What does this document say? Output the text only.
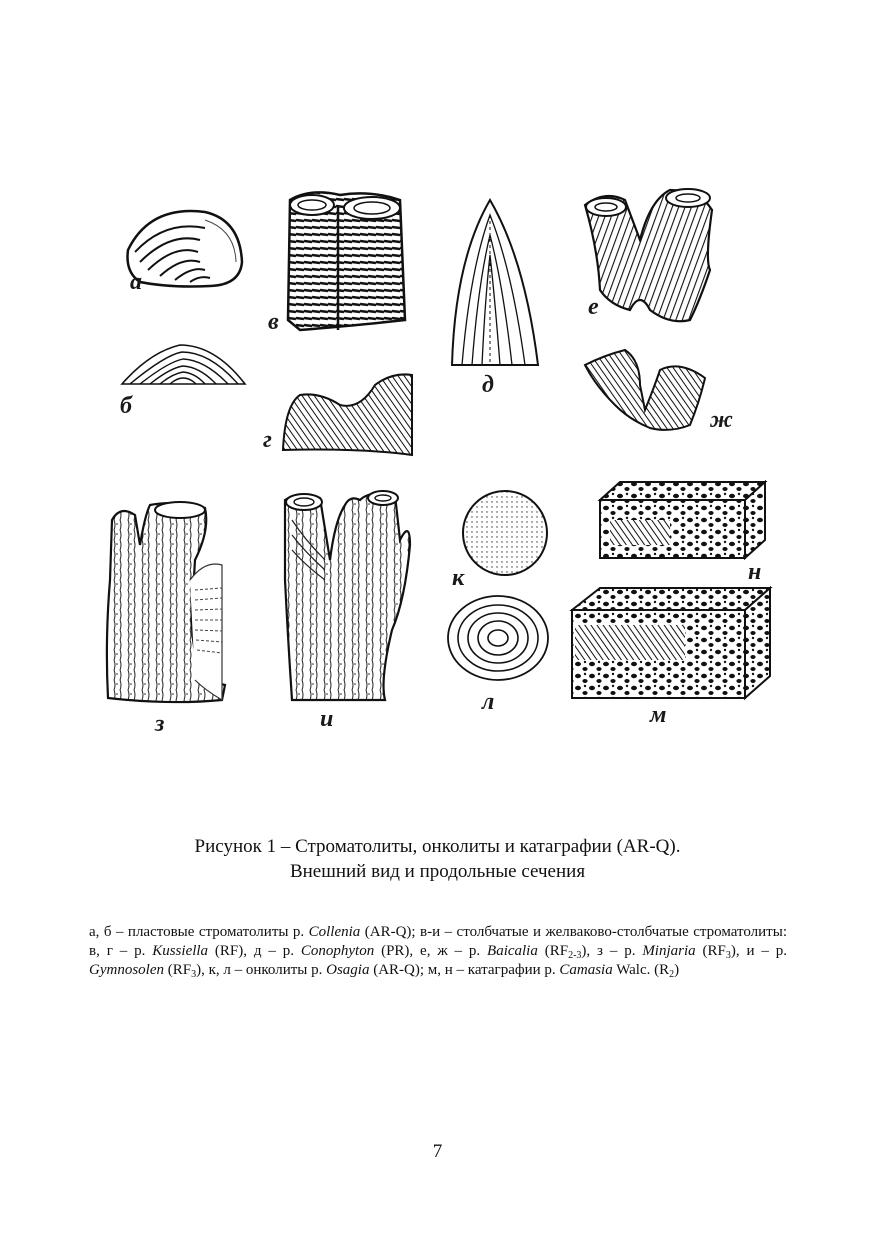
а
б
в
г
д
е
ж
з	и
к
л	м
н
Рисунок 1 – Строматолиты, онколиты и катаграфии (AR-Q).
Внешний вид и продольные сечения
а, б – пластовые строматолиты р. Collenia (AR-Q); в-и – столбчатые и желваково-столбчатые строматолиты: в, г – р. Kussiella (RF), д – р. Conophyton (PR), е, ж – р. Baicalia $(RF_{2-3})$, з – р. Minjaria $(RF_3)$, и – р. Gymnosolen $(RF_3)$, к, л – онколиты р. Osagia (AR-Q); м, н – катаграфии р. Camasia Walc. $(R_2)$
7
